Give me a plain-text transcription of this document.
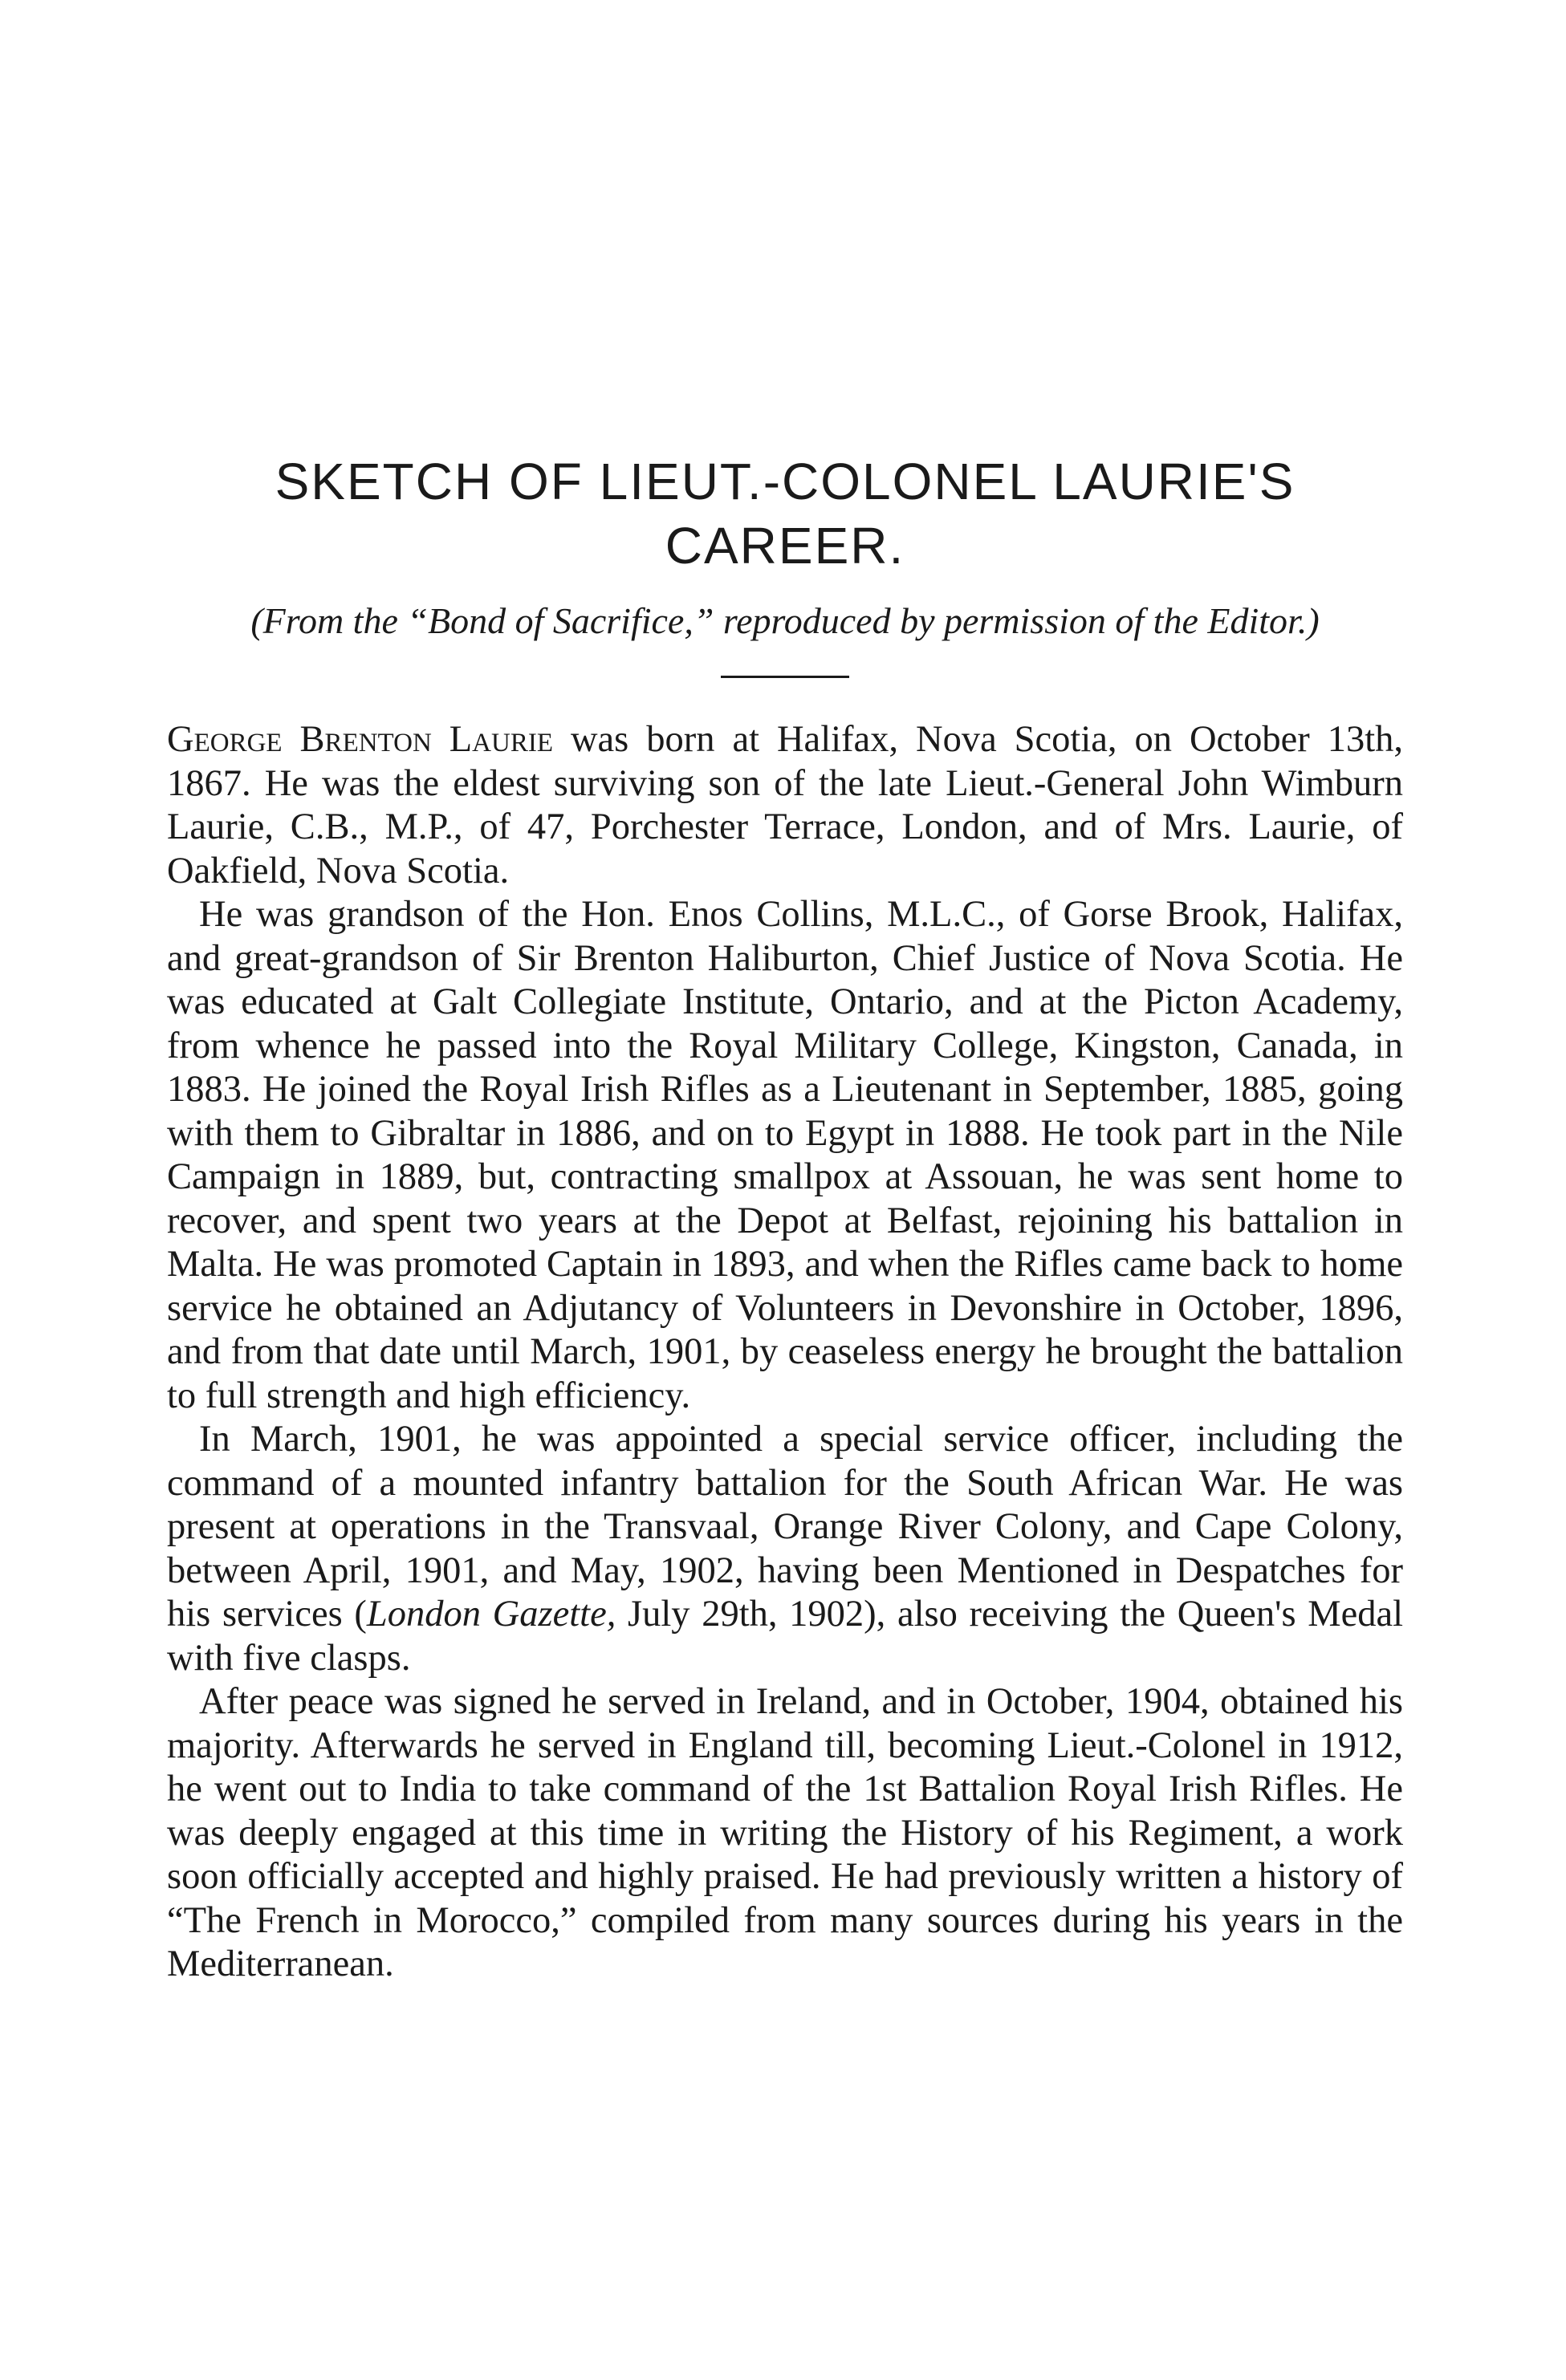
SKETCH OF LIEUT.-COLONEL LAURIE'S
CAREER.

(From the “Bond of Sacrifice,” reproduced by permission of the Editor.)

George Brenton Laurie was born at Halifax, Nova Scotia, on October 13th, 1867. He was the eldest surviving son of the late Lieut.-General John Wimburn Laurie, C.B., M.P., of 47, Porchester Terrace, London, and of Mrs. Laurie, of Oakfield, Nova Scotia.

He was grandson of the Hon. Enos Collins, M.L.C., of Gorse Brook, Halifax, and great-grandson of Sir Brenton Haliburton, Chief Justice of Nova Scotia. He was educated at Galt Collegiate Institute, Ontario, and at the Picton Academy, from whence he passed into the Royal Military College, Kingston, Canada, in 1883. He joined the Royal Irish Rifles as a Lieutenant in September, 1885, going with them to Gibraltar in 1886, and on to Egypt in 1888. He took part in the Nile Campaign in 1889, but, contracting smallpox at Assouan, he was sent home to recover, and spent two years at the Depot at Belfast, rejoining his battalion in Malta. He was promoted Captain in 1893, and when the Rifles came back to home service he obtained an Adjutancy of Volunteers in Devonshire in October, 1896, and from that date until March, 1901, by ceaseless energy he brought the battalion to full strength and high efficiency.

In March, 1901, he was appointed a special service officer, including the command of a mounted infantry battalion for the South African War. He was present at operations in the Transvaal, Orange River Colony, and Cape Colony, between April, 1901, and May, 1902, having been Mentioned in Despatches for his services (London Gazette, July 29th, 1902), also receiving the Queen's Medal with five clasps.

After peace was signed he served in Ireland, and in October, 1904, obtained his majority. Afterwards he served in England till, becoming Lieut.-Colonel in 1912, he went out to India to take command of the 1st Battalion Royal Irish Rifles. He was deeply engaged at this time in writing the History of his Regiment, a work soon officially accepted and highly praised. He had previously written a history of “The French in Morocco,” compiled from many sources during his years in the Mediterranean.
